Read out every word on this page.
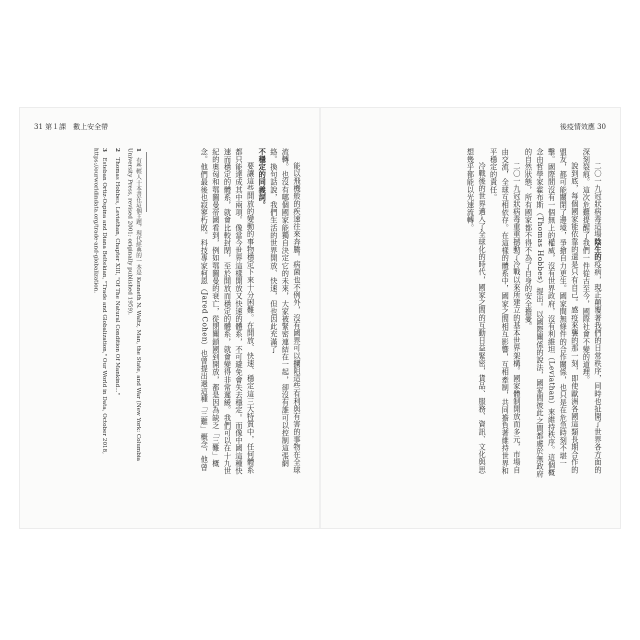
31 第１課　數上安全帶

能以飛機般的疾速往來奔騰。病菌也不例外，沒有國界可以攔阻這些有利與有害的事物在全球流轉。也沒有哪個國家能獨自決定它的未來，大家被緊密連結在一起，卻沒有誰可以控制這張網絡。換句話說，我們生活的世界開放、快速，但也因此充滿了

不穩定的同義詞。

要讓這些開放的變動的事物穩定下來十分困難。在開放、快速、穩定這三大特質中，任何體系都只能達成其中兩項。像當今世界這樣開放又快速的體系，不可避免會失去穩定。而像中國這種快速而穩定的體系，就會比較封閉，至於開放而穩定的體系，就會變得非常遲緩。我們可以在十九世紀的奧匈和鄂圖曼帝國看到，例如鄂圖曼的衰亡，從閉關鎖國到開放，都是因為缺乏「三難」概念。他們最後也寂寥朽敗。科技專家柯恩（Jared Cohen）也曾提出過這種「三難」概念，他曾

1　有些輕人十本書在這個主題，現代經典的一本是 Kenneth N. Waltz, Man, the State, and War (New York: Columbia University Press, revised 2001; originally published 1959).
2　Thomas Hobbes, Leviathan, Chapter XIII, "Of The Natural Condition Of Mankind..."
3　Esteban Ortiz-Ospina and Diana Beltekian, "Trade and Globalization," Our World in Data, October 2018, https://ourworldindata.org/trade-and-globalization.
後疫情效應 30

二〇一九冠狀病毒這場陰生的疫病，現正顛覆著我們的日常秩序，同時也扯開了世界各方面的深刻裂痕。這次危難提醒了我們一件從古至今，國際社會不變的道理。

說到底，每個國家能依靠的還是只有自己。感疫來襲的那一刻，即使歐洲各國這類長期合作的盟友，都可能關閉了邊境，爭搶自力更生。國家間無條件的合作關係，也只是在危急時刻不堪一擊。國際間沒有一個無上的權威，沒有世界政府，沒有利維坦（Leviathan）來維持秩序。這個概念由哲學家霍布斯（Thomas Hobbes）提出。以國際關係的說法，國家間彼此之間都處於無政府的自然狀態，所有國家都不得不為了自身的安全擔憂。

二〇一九冠狀病毒重重撼動了冷戰以來所建立的基本世界架構。國家體制開放而多元，市場自由交流，全球互相依存。在這樣的體系中，國家之間相互影響，互相牽制，共同擔負著維持世界和平穩定的責任。

冷戰後的世界邁入了全球化的時代，國家之間的互動日益緊密，貨品、服務、資訊、文化與思想幾乎都能以光速流轉。
